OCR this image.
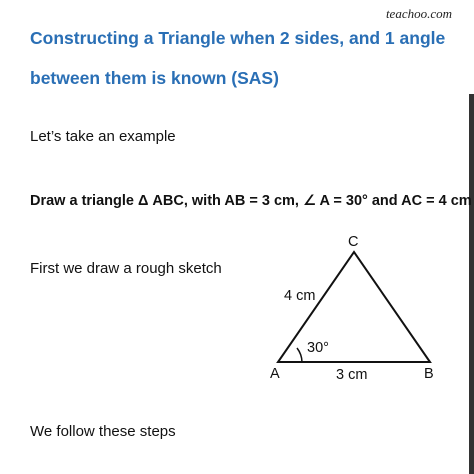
teachoo.com
Constructing a Triangle when 2 sides, and 1 angle between them is known (SAS)

Let’s take an example

Draw a triangle Δ ABC, with AB = 3 cm, ∠ A = 30° and AC = 4 cm

First we draw a rough sketch

C
A	B
3 cm
4 cm
30°

We follow these steps
